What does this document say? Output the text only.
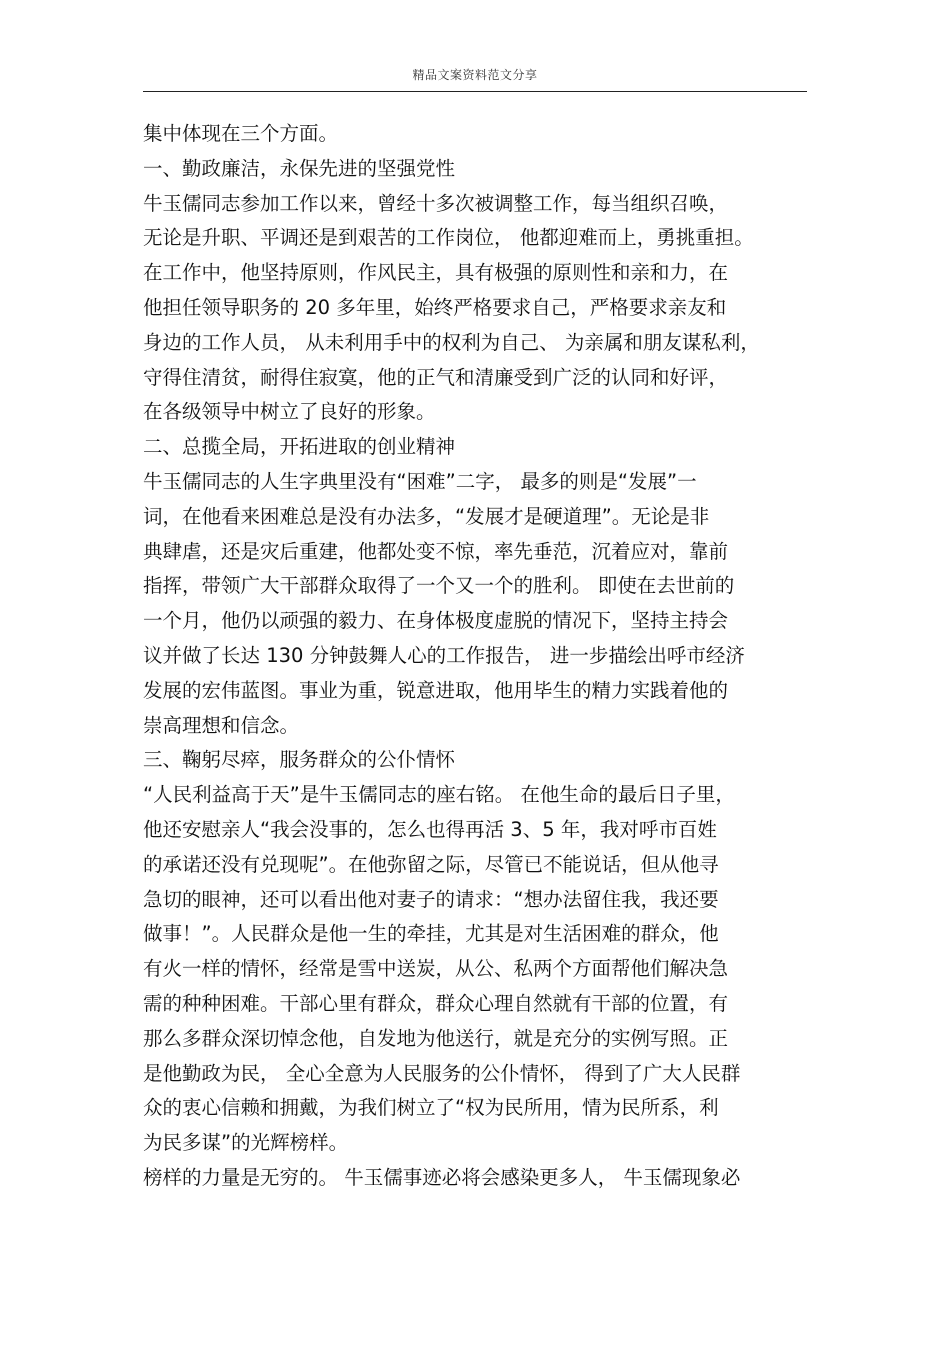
精品文案资料范文分享
集中体现在三个方面。
一、勤政廉洁，永保先进的坚强党性
牛玉儒同志参加工作以来，曾经十多次被调整工作，每当组织召唤，
无论是升职、平调还是到艰苦的工作岗位， 他都迎难而上，勇挑重担。
在工作中，他坚持原则，作风民主，具有极强的原则性和亲和力，在
他担任领导职务的 20 多年里，始终严格要求自己，严格要求亲友和
身边的工作人员， 从未利用手中的权利为自己、 为亲属和朋友谋私利，
守得住清贫，耐得住寂寞，他的正气和清廉受到广泛的认同和好评，
在各级领导中树立了良好的形象。
二、总揽全局，开拓进取的创业精神
牛玉儒同志的人生字典里没有“困难”二字， 最多的则是“发展”一
词，在他看来困难总是没有办法多，“发展才是硬道理”。无论是非
典肆虐，还是灾后重建，他都处变不惊，率先垂范，沉着应对，靠前
指挥，带领广大干部群众取得了一个又一个的胜利。 即使在去世前的
一个月，他仍以顽强的毅力、在身体极度虚脱的情况下，坚持主持会
议并做了长达 130 分钟鼓舞人心的工作报告， 进一步描绘出呼市经济
发展的宏伟蓝图。事业为重，锐意进取，他用毕生的精力实践着他的
崇高理想和信念。
三、鞠躬尽瘁，服务群众的公仆情怀
“人民利益高于天”是牛玉儒同志的座右铭。 在他生命的最后日子里，
他还安慰亲人“我会没事的，怎么也得再活 3、5 年，我对呼市百姓
的承诺还没有兑现呢”。在他弥留之际，尽管已不能说话，但从他寻
急切的眼神，还可以看出他对妻子的请求：“想办法留住我，我还要
做事！”。人民群众是他一生的牵挂，尤其是对生活困难的群众，他
有火一样的情怀，经常是雪中送炭，从公、私两个方面帮他们解决急
需的种种困难。干部心里有群众，群众心理自然就有干部的位置，有
那么多群众深切悼念他，自发地为他送行，就是充分的实例写照。正
是他勤政为民， 全心全意为人民服务的公仆情怀， 得到了广大人民群
众的衷心信赖和拥戴，为我们树立了“权为民所用，情为民所系，利
为民多谋”的光辉榜样。
榜样的力量是无穷的。 牛玉儒事迹必将会感染更多人， 牛玉儒现象必
